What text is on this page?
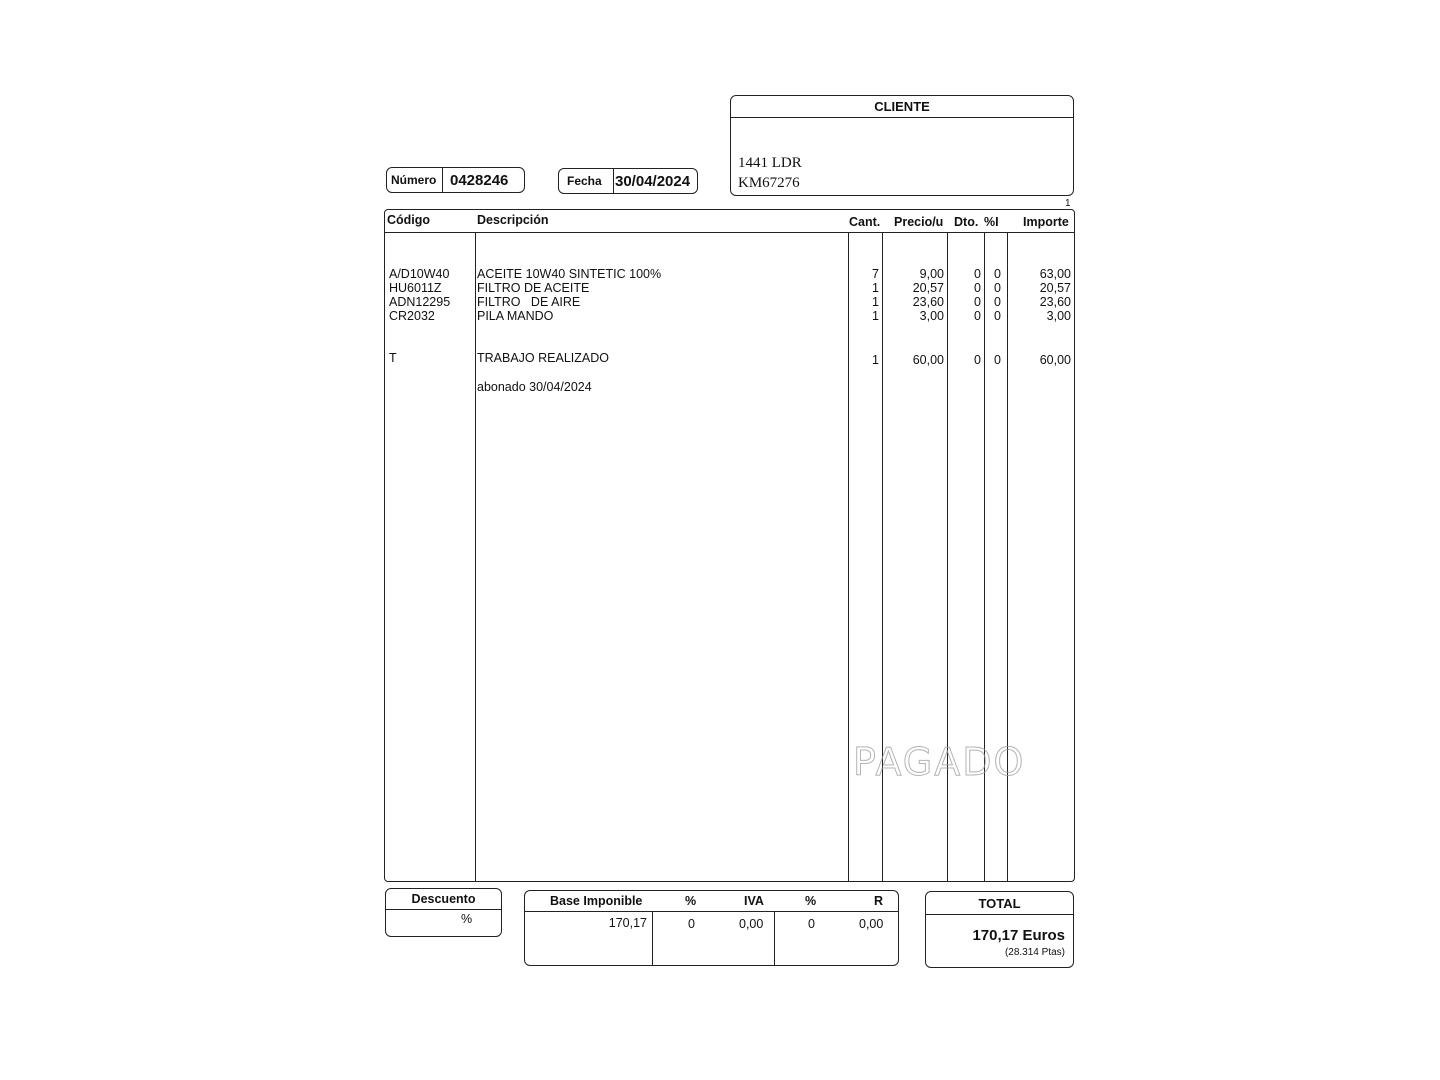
CLIENTE
1441 LDR
KM67276
Número 0428246	Fecha 30/04/2024
1
Código	Descripción	Cant. Precio/u Dto. %I Importe
A/D10W40 ACEITE 10W40 SINTETIC 100%	7	9,00 0 0	63,00
HU6011Z	FILTRO DE ACEITE	1	20,57 0 0	20,57
ADN12295 FILTRO   DE AIRE	1	23,60 0 0	23,60
CR2032	PILA MANDO	1	3,00 0 0	3,00
T	TRABAJO REALIZADO	1	60,00 0 0	60,00
abonado 30/04/2024
PAGADO
Descuento
%
Base Imponible	%	IVA	%	R
170,17	0	0,00	0	0,00
TOTAL
170,17 Euros
(28.314 Ptas)
